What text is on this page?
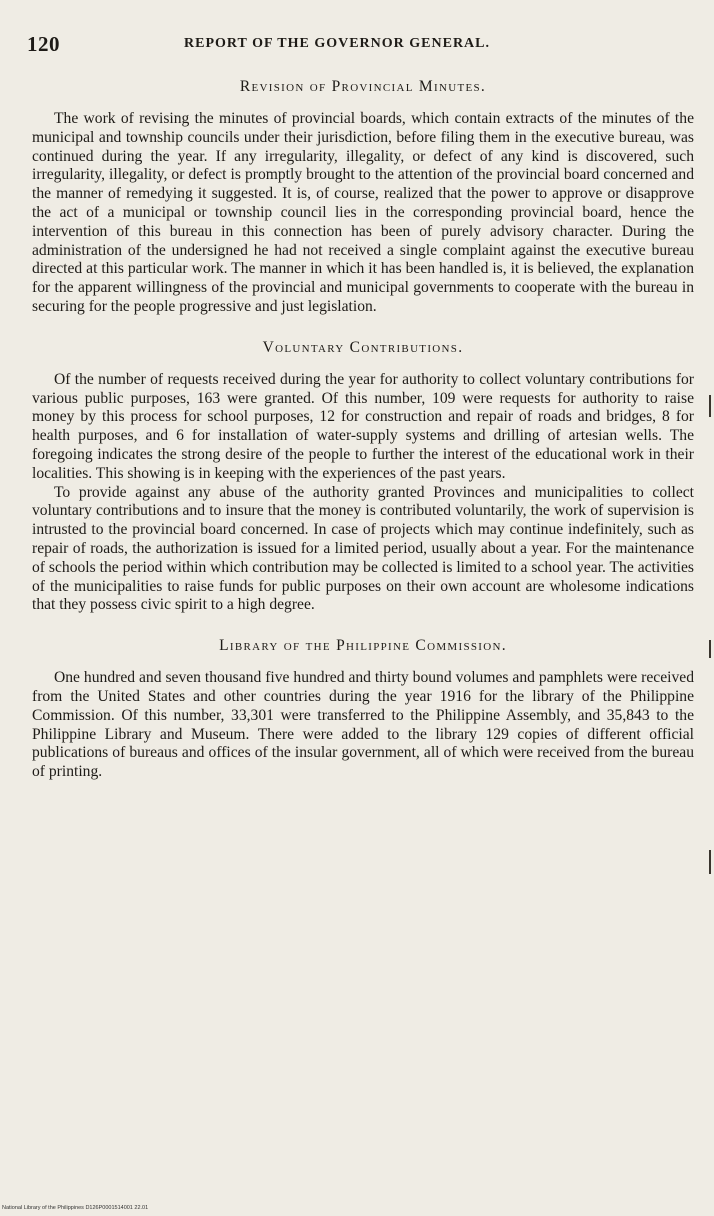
120	REPORT OF THE GOVERNOR GENERAL.
Revision of Provincial Minutes.

The work of revising the minutes of provincial boards, which contain extracts of the minutes of the municipal and township councils under their jurisdiction, before filing them in the executive bureau, was continued during the year. If any irregularity, illegality, or defect of any kind is discovered, such irregularity, illegality, or defect is promptly brought to the attention of the provincial board concerned and the manner of remedying it suggested. It is, of course, realized that the power to approve or disapprove the act of a municipal or township council lies in the corresponding provincial board, hence the intervention of this bureau in this connection has been of purely advisory character. During the administration of the undersigned he had not received a single complaint against the executive bureau directed at this particular work. The manner in which it has been handled is, it is believed, the explanation for the apparent willingness of the provincial and municipal governments to cooperate with the bureau in securing for the people progressive and just legislation.

Voluntary Contributions.

Of the number of requests received during the year for authority to collect voluntary contributions for various public purposes, 163 were granted. Of this number, 109 were requests for authority to raise money by this process for school purposes, 12 for construction and repair of roads and bridges, 8 for health purposes, and 6 for installation of water-supply systems and drilling of artesian wells. The foregoing indicates the strong desire of the people to further the interest of the educational work in their localities. This showing is in keeping with the experiences of the past years.

To provide against any abuse of the authority granted Provinces and municipalities to collect voluntary contributions and to insure that the money is contributed voluntarily, the work of supervision is intrusted to the provincial board concerned. In case of projects which may continue indefinitely, such as repair of roads, the authorization is issued for a limited period, usually about a year. For the maintenance of schools the period within which contribution may be collected is limited to a school year. The activities of the municipalities to raise funds for public purposes on their own account are wholesome indications that they possess civic spirit to a high degree.

Library of the Philippine Commission.

One hundred and seven thousand five hundred and thirty bound volumes and pamphlets were received from the United States and other countries during the year 1916 for the library of the Philippine Commission. Of this number, 33,301 were transferred to the Philippine Assembly, and 35,843 to the Philippine Library and Museum. There were added to the library 129 copies of different official publications of bureaus and offices of the insular government, all of which were received from the bureau of printing.

National Library of the Philippines D126P0001514001 22.01
